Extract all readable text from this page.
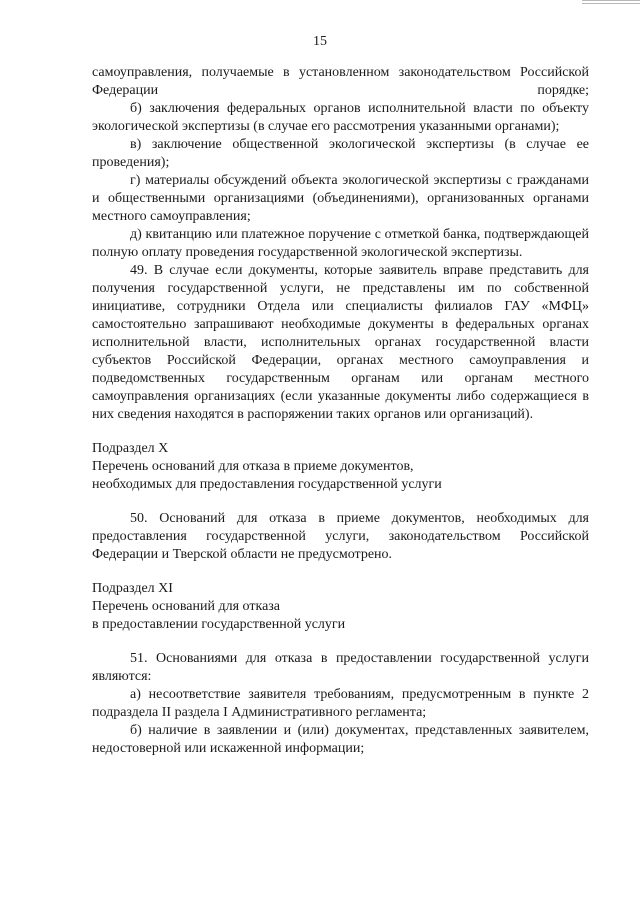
15

самоуправления, получаемые в установленном законодательством Российской Федерации порядке;

б) заключения федеральных органов исполнительной власти по объекту экологической экспертизы (в случае его рассмотрения указанными органами);

в) заключение общественной экологической экспертизы (в случае ее проведения);

г) материалы обсуждений объекта экологической экспертизы с гражданами и общественными организациями (объединениями), организованных органами местного самоуправления;

д) квитанцию или платежное поручение с отметкой банка, подтверждающей полную оплату проведения государственной экологической экспертизы.

49. В случае если документы, которые заявитель вправе представить для получения государственной услуги, не представлены им по собственной инициативе, сотрудники Отдела или специалисты филиалов ГАУ «МФЦ» самостоятельно запрашивают необходимые документы в федеральных органах исполнительной власти, исполнительных органах государственной власти субъектов Российской Федерации, органах местного самоуправления и подведомственных государственным органам или органам местного самоуправления организациях (если указанные документы либо содержащиеся в них сведения находятся в распоряжении таких органов или организаций).

Подраздел X

Перечень оснований для отказа в приеме документов,

необходимых для предоставления государственной услуги

50. Оснований для отказа в приеме документов, необходимых для предоставления государственной услуги, законодательством Российской Федерации и Тверской области не предусмотрено.

Подраздел XI

Перечень оснований для отказа

в предоставлении государственной услуги

51. Основаниями для отказа в предоставлении государственной услуги являются:

а) несоответствие заявителя требованиям, предусмотренным в пункте 2 подраздела II раздела I Административного регламента;

б) наличие в заявлении и (или) документах, представленных заявителем, недостоверной или искаженной информации;
